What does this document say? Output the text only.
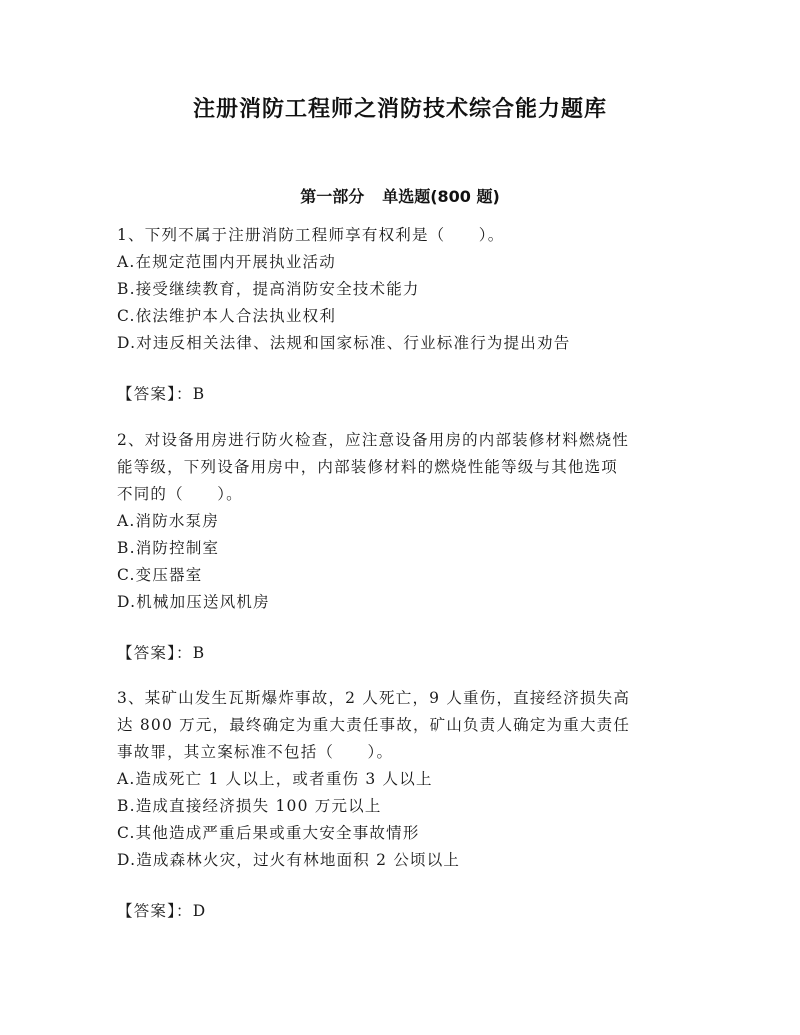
注册消防工程师之消防技术综合能力题库
第一部分 单选题(800 题)
1、下列不属于注册消防工程师享有权利是（　　）。
A.在规定范围内开展执业活动
B.接受继续教育，提高消防安全技术能力
C.依法维护本人合法执业权利
D.对违反相关法律、法规和国家标准、行业标准行为提出劝告
【答案】：B
2、对设备用房进行防火检查，应注意设备用房的内部装修材料燃烧性
能等级，下列设备用房中，内部装修材料的燃烧性能等级与其他选项
不同的（　　）。
A.消防水泵房
B.消防控制室
C.变压器室
D.机械加压送风机房
【答案】：B
3、某矿山发生瓦斯爆炸事故，2 人死亡，9 人重伤，直接经济损失高
达 800 万元，最终确定为重大责任事故，矿山负责人确定为重大责任
事故罪，其立案标准不包括（　　）。
A.造成死亡 1 人以上，或者重伤 3 人以上
B.造成直接经济损失 100 万元以上
C.其他造成严重后果或重大安全事故情形
D.造成森林火灾，过火有林地面积 2 公顷以上
【答案】：D
